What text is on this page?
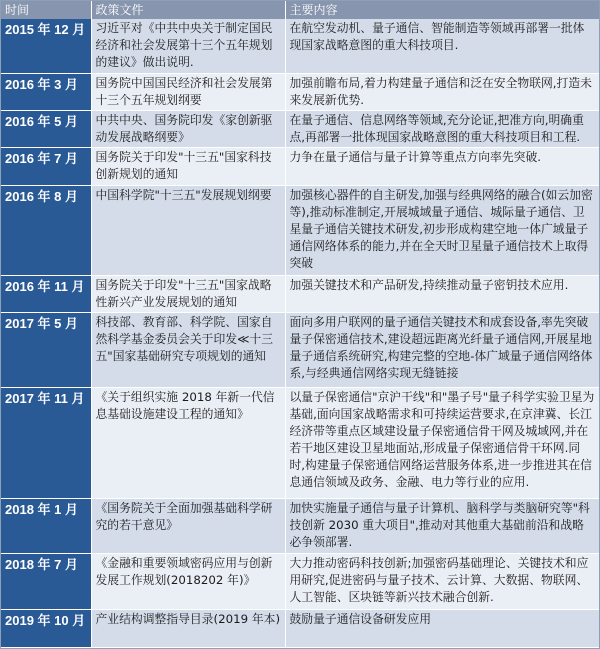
时间	政策文件	主要内容
2015 年 12 月	习近平对《中共中央关于制定国民经济和社会发展第十三个五年规划的建议》做出说明.	在航空发动机、量子通信、智能制造等领域再部署一批体现国家战略意图的重大科技项目.
2016 年 3 月	国务院中国国民经济和社会发展第十三个五年规划纲要	加强前瞻布局,着力构建量子通信和泛在安全物联网,打造未来发展新优势.
2016 年 5 月	中共中央、国务院印发《家创新驱动发展战略纲要》	在量子通信、信息网络等领域,充分论证,把准方向,明确重点,再部署一批体现国家战略意图的重大科技项目和工程.
2016 年 7 月	国务院关于印发"十三五"国家科技创新规划的通知	力争在量子通信与量子计算等重点方向率先突破.
2016 年 8 月	中国科学院"十三五"发展规划纲要	加强核心器件的自主研发,加强与经典网络的融合(如云加密等),推动标准制定,开展城域量子通信、城际量子通信、卫星量子通信关键技术研发,初步形成构建空地一体广域量子通信网络体系的能力,并在全天时卫星量子通信技术上取得突破
2016 年 11 月	国务院关于印发"十三五"国家战略性新兴产业发展规划的通知	加强关键技术和产品研发,持续推动量子密钥技术应用.
2017 年 5 月	科技部、教育部、科学院、国家自然科学基金委员会关于印发≪十三五"国家基础研究专项规划的通知	面向多用户联网的量子通信关键技术和成套设备,率先突破量子保密通信技术,建设超远距离光纤量子通信网,开展星地量子通信系统研究,构建完整的空地-体广域量子通信网络体系,与经典通信网络实现无缝链接
2017 年 11 月	《关于组织实施 2018 年新一代信息基础设施建设工程的通知》	以量子保密通信"京沪干线"和"墨子号"量子科学实验卫星为基础,面向国家战略需求和可持续运营要求,在京津冀、长江经济带等重点区域建设量子保密通信骨干网及城域网,并在若干地区建设卫星地面站,形成量子保密通信骨干环网.同时,构建量子保密通信网络运营服务体系,进一步推进其在信息通信领域及政务、金融、电力等行业的应用.
2018 年 1 月	《国务院关于全面加强基础科学研究的若干意见》	加快实施量子通信与量子计算机、脑科学与类脑研究等"科技创新 2030 重大项目",推动对其他重大基础前沿和战略必争领部署.
2018 年 7 月	《金融和重要领域密码应用与创新发展工作规划(2018202 年)》	大力推动密码科技创新;加强密码基础理论、关键技术和应用研究,促进密码与量子技术、云计算、大数据、物联网、人工智能、区块链等新兴技术融合创新.
2019 年 10 月	产业结构调整指导目录(2019 年本)	鼓励量子通信设备研发应用
